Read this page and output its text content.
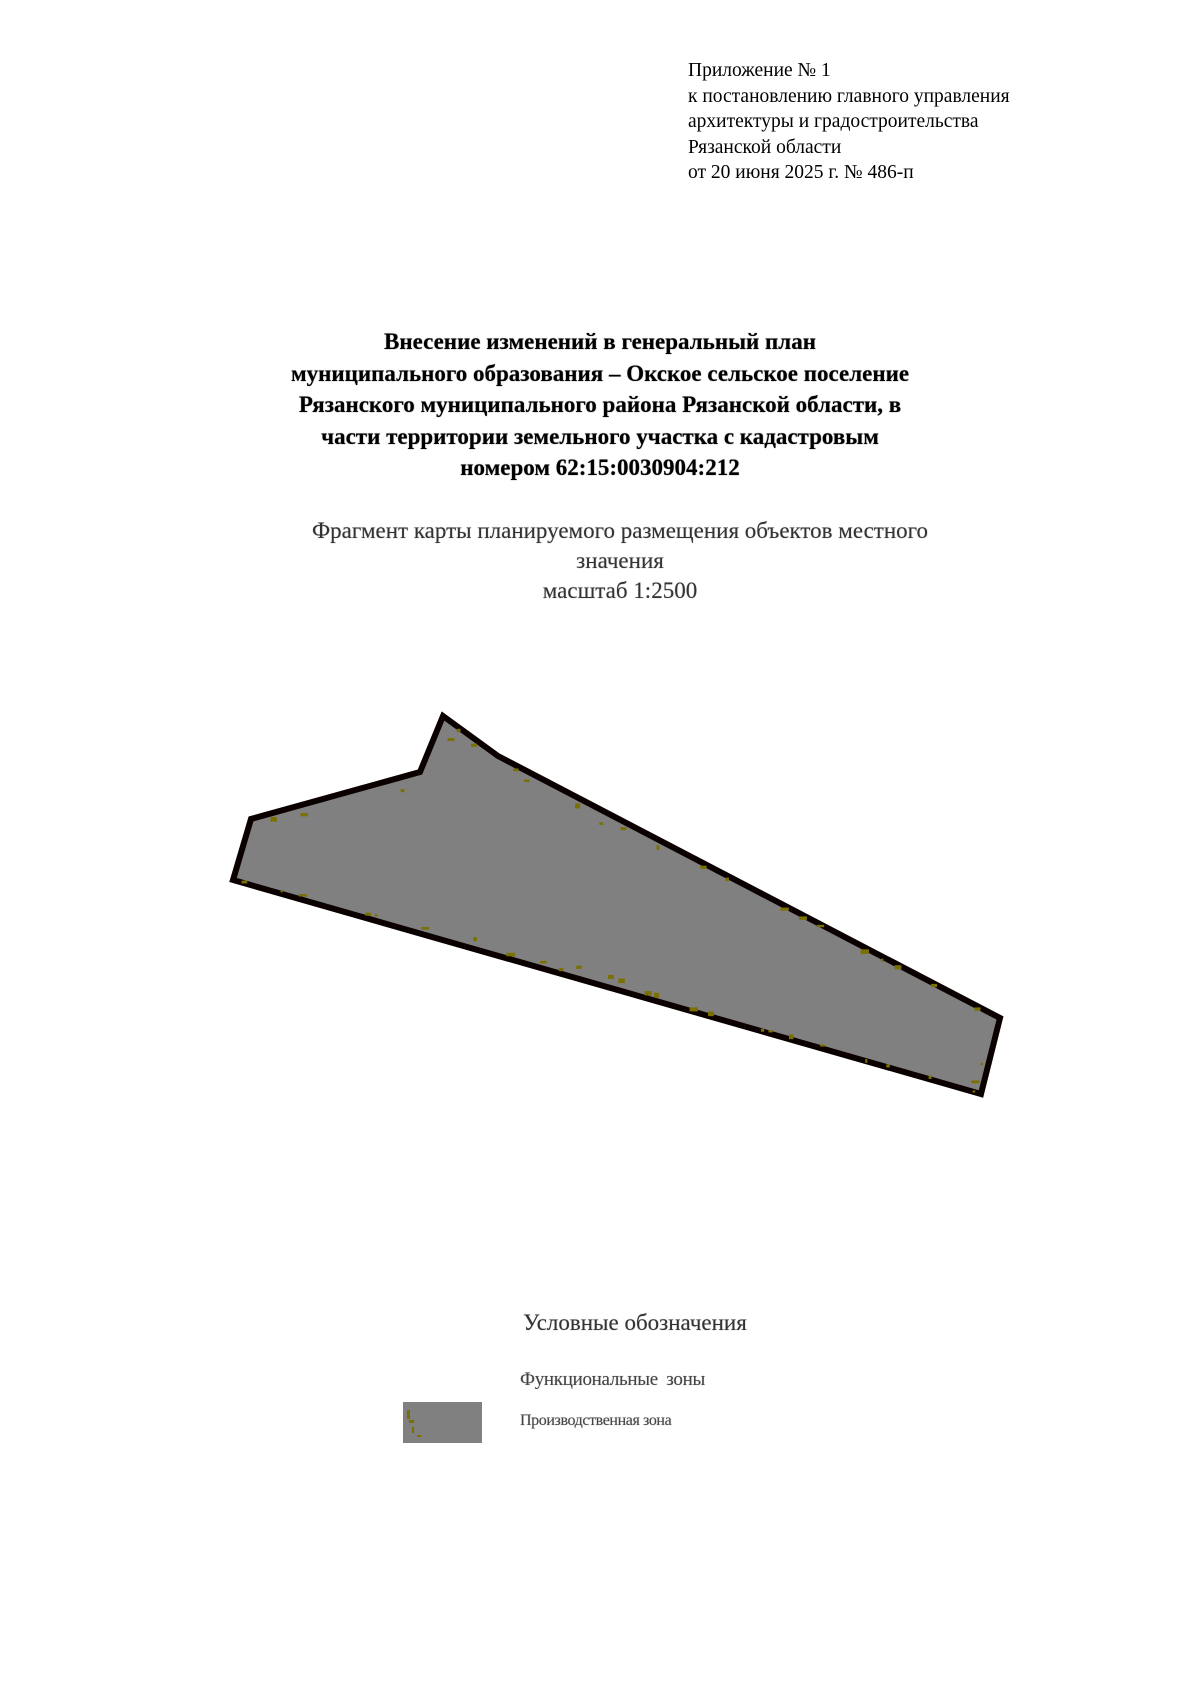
Приложение № 1
к постановлению главного управления
архитектуры и градостроительства
Рязанской области
от 20 июня 2025 г. № 486-п
Внесение изменений в генеральный план
муниципального образования – Окское сельское поселение
Рязанского муниципального района Рязанской области, в
части территории земельного участка с кадастровым
номером 62:15:0030904:212
Фрагмент карты планируемого размещения объектов местного
значения
масштаб 1:2500
Условные обозначения
Функциональные зоны
Производственная зона
